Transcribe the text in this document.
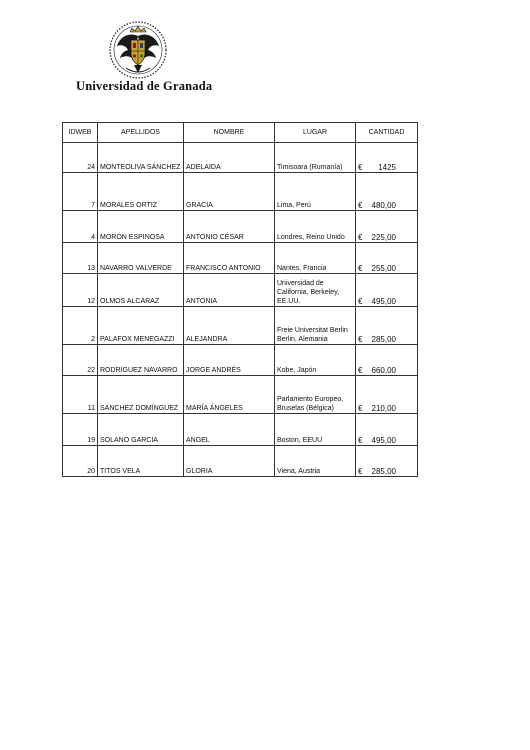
Universidad de Granada
IDWEB	APELLIDOS	NOMBRE	LUGAR	CANTIDAD
24	MONTEOLIVA SÁNCHEZ	ADELAIDA	Timisoara (Rumanía)	€ 1425
7	MORALES ORTIZ	GRACIA	Lima, Perú	€ 480,00
4	MORÓN ESPINOSA	ANTONIO CÉSAR	Londres, Reino Unido	€ 225,00
13	NAVARRO VALVERDE	FRANCISCO ANTONIO	Nantes, Francia	€ 255,00
12	OLMOS ALCARAZ	ANTONIA	Universidad de California, Berkeley, EE.UU.	€ 495,00
2	PALAFOX MENEGAZZI	ALEJANDRA	Freie Universitat Berlin Berlin, Alemania	€ 285,00
22	RODRIGUEZ NAVARRO	JORGE ANDRÉS	Kobe, Japón	€ 660,00
11	SÁNCHEZ DOMÍNGUEZ	MARÍA ÁNGELES	Parlamento Europeo, Bruselas (Bélgica)	€ 210,00
19	SOLANO GARCIA	ANGEL	Boston, EEUU	€ 495,00
20	TITOS VELA	GLORIA	Viena, Austria	€ 285,00
